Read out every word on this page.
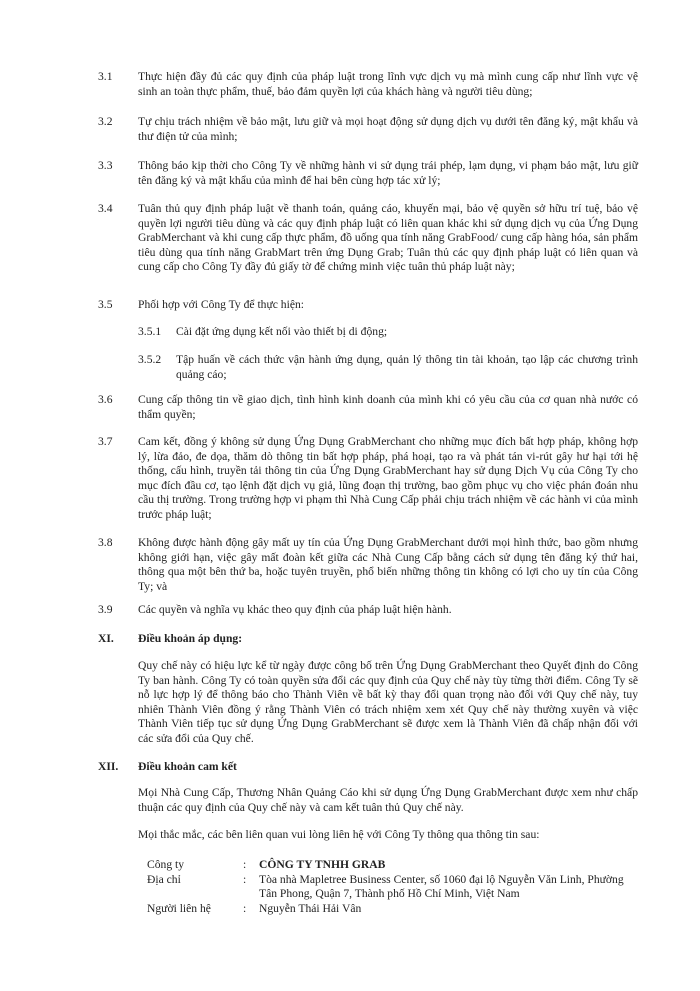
3.1 Thực hiện đầy đủ các quy định của pháp luật trong lĩnh vực dịch vụ mà mình cung cấp như lĩnh vực vệ sinh an toàn thực phẩm, thuế, bảo đảm quyền lợi của khách hàng và người tiêu dùng;
3.2 Tự chịu trách nhiệm về bảo mật, lưu giữ và mọi hoạt động sử dụng dịch vụ dưới tên đăng ký, mật khẩu và thư điện tử của mình;
3.3 Thông báo kịp thời cho Công Ty về những hành vi sử dụng trái phép, lạm dụng, vi phạm bảo mật, lưu giữ tên đăng ký và mật khẩu của mình để hai bên cùng hợp tác xử lý;
3.4 Tuân thủ quy định pháp luật về thanh toán, quảng cáo, khuyến mại, bảo vệ quyền sở hữu trí tuệ, bảo vệ quyền lợi người tiêu dùng và các quy định pháp luật có liên quan khác khi sử dụng dịch vụ của Ứng Dụng GrabMerchant và khi cung cấp thực phẩm, đồ uống qua tính năng GrabFood/ cung cấp hàng hóa, sản phẩm tiêu dùng qua tính năng GrabMart trên ứng Dụng Grab; Tuân thủ các quy định pháp luật có liên quan và cung cấp cho Công Ty đầy đủ giấy tờ để chứng minh việc tuân thủ pháp luật này;
3.5 Phối hợp với Công Ty để thực hiện:
3.5.1 Cài đặt ứng dụng kết nối vào thiết bị di động;
3.5.2 Tập huấn về cách thức vận hành ứng dụng, quản lý thông tin tài khoản, tạo lập các chương trình quảng cáo;
3.6 Cung cấp thông tin về giao dịch, tình hình kinh doanh của mình khi có yêu cầu của cơ quan nhà nước có thẩm quyền;
3.7 Cam kết, đồng ý không sử dụng Ứng Dụng GrabMerchant cho những mục đích bất hợp pháp, không hợp lý, lừa đảo, đe dọa, thăm dò thông tin bất hợp pháp, phá hoại, tạo ra và phát tán vi-rút gây hư hại tới hệ thống, cấu hình, truyền tải thông tin của Ứng Dụng GrabMerchant hay sử dụng Dịch Vụ của Công Ty cho mục đích đầu cơ, tạo lệnh đặt dịch vụ giả, lũng đoạn thị trường, bao gồm phục vụ cho việc phán đoán nhu cầu thị trường. Trong trường hợp vi phạm thì Nhà Cung Cấp phải chịu trách nhiệm về các hành vi của mình trước pháp luật;
3.8 Không được hành động gây mất uy tín của Ứng Dụng GrabMerchant dưới mọi hình thức, bao gồm nhưng không giới hạn, việc gây mất đoàn kết giữa các Nhà Cung Cấp bằng cách sử dụng tên đăng ký thứ hai, thông qua một bên thứ ba, hoặc tuyên truyền, phổ biến những thông tin không có lợi cho uy tín của Công Ty; và
3.9 Các quyền và nghĩa vụ khác theo quy định của pháp luật hiện hành.
XI. Điều khoản áp dụng:
Quy chế này có hiệu lực kể từ ngày được công bố trên Ứng Dụng GrabMerchant theo Quyết định do Công Ty ban hành. Công Ty có toàn quyền sửa đổi các quy định của Quy chế này tùy từng thời điểm. Công Ty sẽ nỗ lực hợp lý để thông báo cho Thành Viên về bất kỳ thay đổi quan trọng nào đối với Quy chế này, tuy nhiên Thành Viên đồng ý rằng Thành Viên có trách nhiệm xem xét Quy chế này thường xuyên và việc Thành Viên tiếp tục sử dụng Ứng Dụng GrabMerchant sẽ được xem là Thành Viên đã chấp nhận đối với các sửa đổi của Quy chế.
XII. Điều khoản cam kết
Mọi Nhà Cung Cấp, Thương Nhân Quảng Cáo khi sử dụng Ứng Dụng GrabMerchant được xem như chấp thuận các quy định của Quy chế này và cam kết tuân thủ Quy chế này.
Mọi thắc mắc, các bên liên quan vui lòng liên hệ với Công Ty thông qua thông tin sau:
Công ty	: CÔNG TY TNHH GRAB
Địa chỉ	: Tòa nhà Mapletree Business Center, số 1060 đại lộ Nguyễn Văn Linh, Phường Tân Phong, Quận 7, Thành phố Hồ Chí Minh, Việt Nam
Người liên hệ	: Nguyễn Thái Hải Vân
